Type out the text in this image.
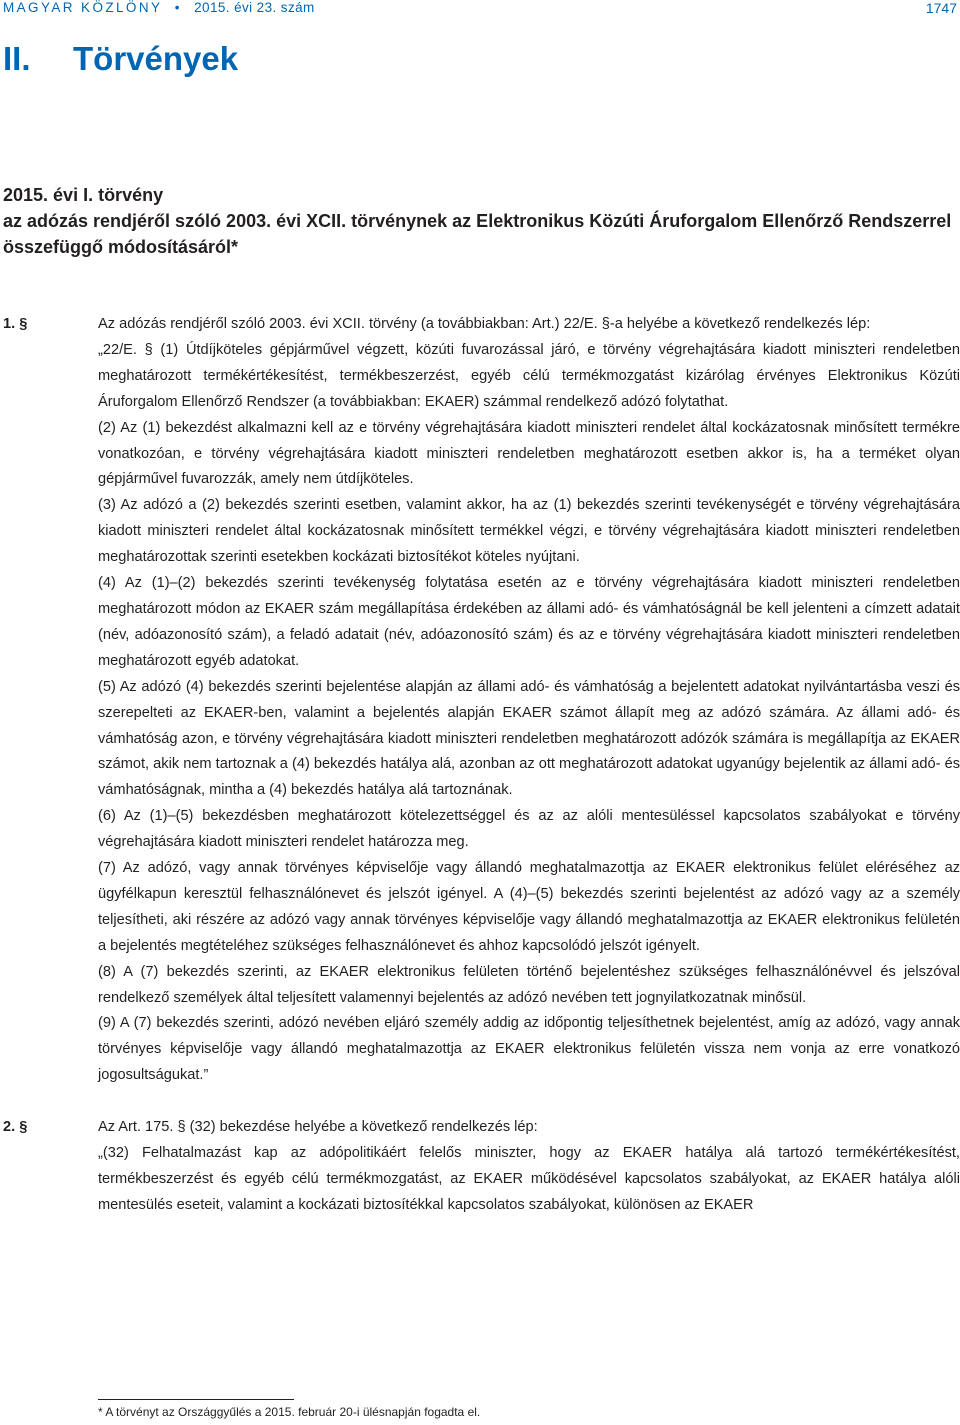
MAGYAR KÖZLÖNY • 2015. évi 23. szám	1747
II. Törvények
2015. évi I. törvény
az adózás rendjéről szóló 2003. évi XCII. törvénynek az Elektronikus Közúti Áruforgalom Ellenőrző Rendszerrel összefüggő módosításáról*
1. §	Az adózás rendjéről szóló 2003. évi XCII. törvény (a továbbiakban: Art.) 22/E. §-a helyébe a következő rendelkezés lép:

„22/E. § (1) Útdíjköteles gépjárművel végzett, közúti fuvarozással járó, e törvény végrehajtására kiadott miniszteri rendeletben meghatározott termékértékesítést, termékbeszerzést, egyéb célú termékmozgatást kizárólag érvényes Elektronikus Közúti Áruforgalom Ellenőrző Rendszer (a továbbiakban: EKAER) számmal rendelkező adózó folytathat.

(2) Az (1) bekezdést alkalmazni kell az e törvény végrehajtására kiadott miniszteri rendelet által kockázatosnak minősített termékre vonatkozóan, e törvény végrehajtására kiadott miniszteri rendeletben meghatározott esetben akkor is, ha a terméket olyan gépjárművel fuvarozzák, amely nem útdíjköteles.

(3) Az adózó a (2) bekezdés szerinti esetben, valamint akkor, ha az (1) bekezdés szerinti tevékenységét e törvény végrehajtására kiadott miniszteri rendelet által kockázatosnak minősített termékkel végzi, e törvény végrehajtására kiadott miniszteri rendeletben meghatározottak szerinti esetekben kockázati biztosítékot köteles nyújtani.

(4) Az (1)–(2) bekezdés szerinti tevékenység folytatása esetén az e törvény végrehajtására kiadott miniszteri rendeletben meghatározott módon az EKAER szám megállapítása érdekében az állami adó- és vámhatóságnál be kell jelenteni a címzett adatait (név, adóazonosító szám), a feladó adatait (név, adóazonosító szám) és az e törvény végrehajtására kiadott miniszteri rendeletben meghatározott egyéb adatokat.

(5) Az adózó (4) bekezdés szerinti bejelentése alapján az állami adó- és vámhatóság a bejelentett adatokat nyilvántartásba veszi és szerepelteti az EKAER-ben, valamint a bejelentés alapján EKAER számot állapít meg az adózó számára. Az állami adó- és vámhatóság azon, e törvény végrehajtására kiadott miniszteri rendeletben meghatározott adózók számára is megállapítja az EKAER számot, akik nem tartoznak a (4) bekezdés hatálya alá, azonban az ott meghatározott adatokat ugyanúgy bejelentik az állami adó- és vámhatóságnak, mintha a (4) bekezdés hatálya alá tartoznának.

(6) Az (1)–(5) bekezdésben meghatározott kötelezettséggel és az az alóli mentesüléssel kapcsolatos szabályokat e törvény végrehajtására kiadott miniszteri rendelet határozza meg.

(7) Az adózó, vagy annak törvényes képviselője vagy állandó meghatalmazottja az EKAER elektronikus felület eléréséhez az ügyfélkapun keresztül felhasználónevet és jelszót igényel. A (4)–(5) bekezdés szerinti bejelentést az adózó vagy az a személy teljesítheti, aki részére az adózó vagy annak törvényes képviselője vagy állandó meghatalmazottja az EKAER elektronikus felületén a bejelentés megtételéhez szükséges felhasználónevet és ahhoz kapcsolódó jelszót igényelt.

(8) A (7) bekezdés szerinti, az EKAER elektronikus felületen történő bejelentéshez szükséges felhasználónévvel és jelszóval rendelkező személyek által teljesített valamennyi bejelentés az adózó nevében tett jognyilatkozatnak minősül.

(9) A (7) bekezdés szerinti, adózó nevében eljáró személy addig az időpontig teljesíthetnek bejelentést, amíg az adózó, vagy annak törvényes képviselője vagy állandó meghatalmazottja az EKAER elektronikus felületén vissza nem vonja az erre vonatkozó jogosultságukat.”

2. §	Az Art. 175. § (32) bekezdése helyébe a következő rendelkezés lép:

„(32) Felhatalmazást kap az adópolitikáért felelős miniszter, hogy az EKAER hatálya alá tartozó termékértékesítést, termékbeszerzést és egyéb célú termékmozgatást, az EKAER működésével kapcsolatos szabályokat, az EKAER hatálya alóli mentesülés eseteit, valamint a kockázati biztosítékkal kapcsolatos szabályokat, különösen az EKAER

* A törvényt az Országgyűlés a 2015. február 20-i ülésnapján fogadta el.
